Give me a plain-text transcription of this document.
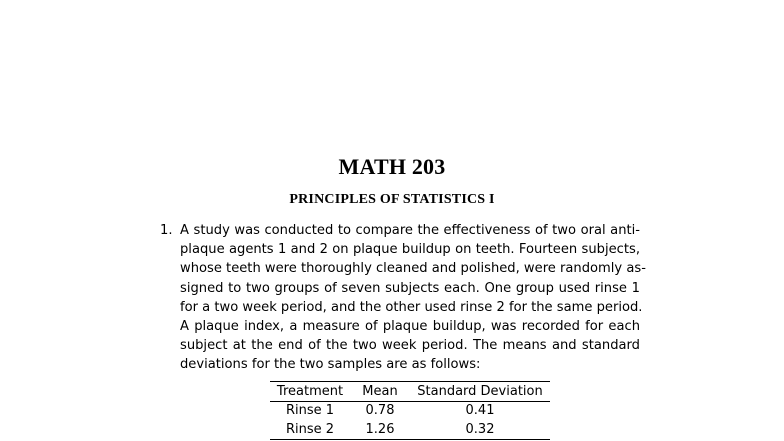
MATH 203
PRINCIPLES OF STATISTICS I
1. A study was conducted to compare the effectiveness of two oral anti-
plaque agents 1 and 2 on plaque buildup on teeth. Fourteen subjects,
whose teeth were thoroughly cleaned and polished, were randomly as-
signed to two groups of seven subjects each. One group used rinse 1
for a two week period, and the other used rinse 2 for the same period.
A plaque index, a measure of plaque buildup, was recorded for each
subject at the end of the two week period. The means and standard
deviations for the two samples are as follows:
Treatment	Mean	Standard Deviation
Rinse 1	0.78	0.41
Rinse 2	1.26	0.32
